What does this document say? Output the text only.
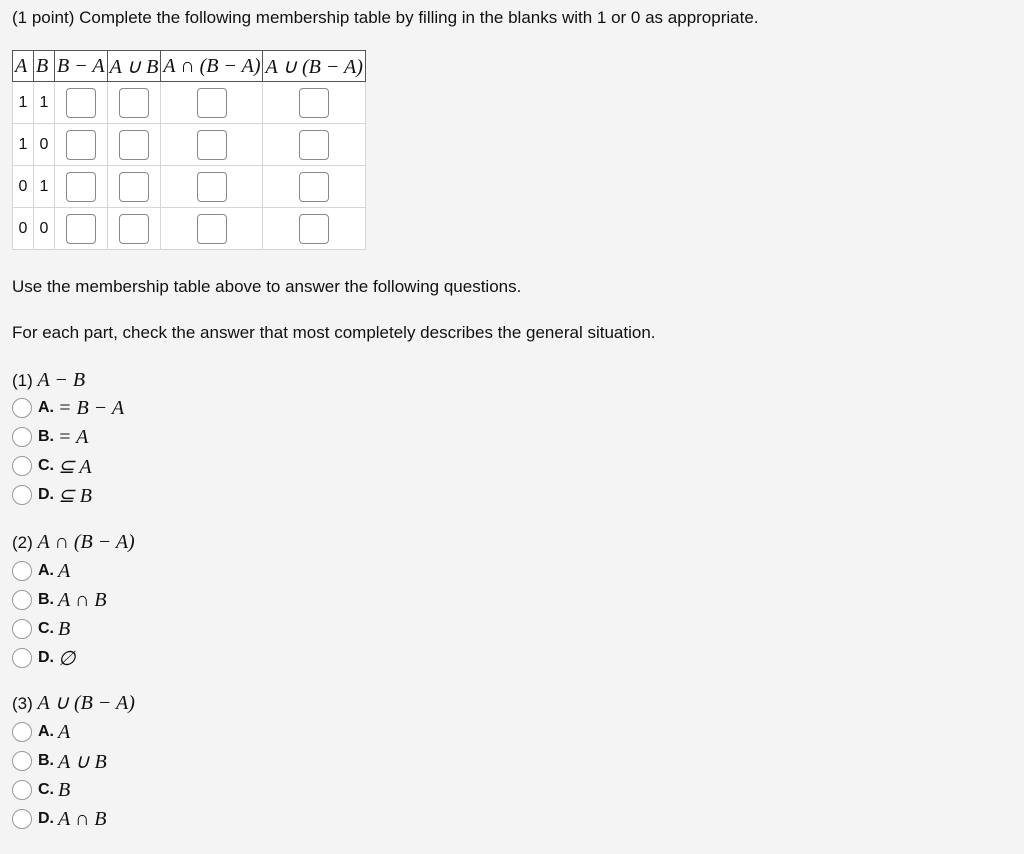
(1 point) Complete the following membership table by filling in the blanks with 1 or 0 as appropriate.
A	B	B − A	A ∪ B	A ∩ (B − A)	A ∪ (B − A)
1	1				
1	0				
0	1				
0	0				
Use the membership table above to answer the following questions.
For each part, check the answer that most completely describes the general situation.
(1) A − B
A. = B − A
B. = A
C. ⊆ A
D. ⊆ B
(2) A ∩ (B − A)
A. A
B. A ∩ B
C. B
D. ∅
(3) A ∪ (B − A)
A. A
B. A ∪ B
C. B
D. A ∩ B
